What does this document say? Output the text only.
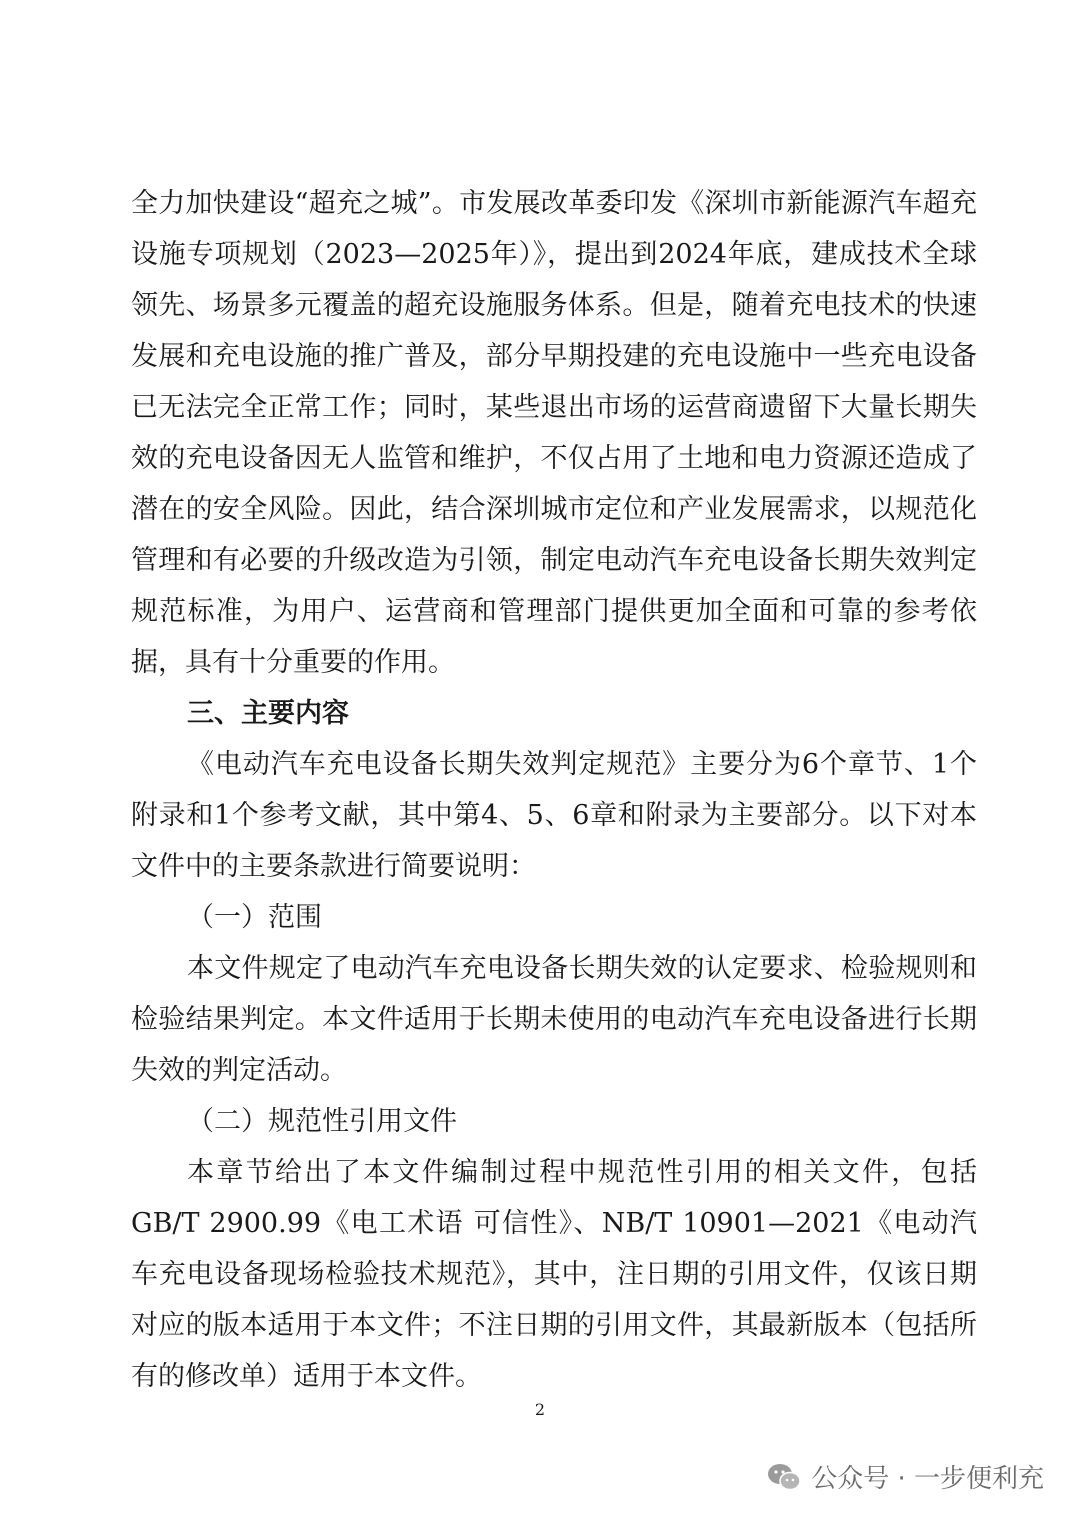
全力加快建设“超充之城”。市发展改革委印发《深圳市新能源汽车超充设施专项规划（2023—2025年）》，提出到2024年底，建成技术全球领先、场景多元覆盖的超充设施服务体系。但是，随着充电技术的快速发展和充电设施的推广普及，部分早期投建的充电设施中一些充电设备已无法完全正常工作；同时，某些退出市场的运营商遗留下大量长期失效的充电设备因无人监管和维护，不仅占用了土地和电力资源还造成了潜在的安全风险。因此，结合深圳城市定位和产业发展需求，以规范化管理和有必要的升级改造为引领，制定电动汽车充电设备长期失效判定规范标准，为用户、运营商和管理部门提供更加全面和可靠的参考依据，具有十分重要的作用。

三、主要内容

《电动汽车充电设备长期失效判定规范》主要分为6个章节、1个附录和1个参考文献，其中第4、5、6章和附录为主要部分。以下对本文件中的主要条款进行简要说明：

（一）范围

本文件规定了电动汽车充电设备长期失效的认定要求、检验规则和检验结果判定。本文件适用于长期未使用的电动汽车充电设备进行长期失效的判定活动。

（二）规范性引用文件

本章节给出了本文件编制过程中规范性引用的相关文件，包括GB/T 2900.99《电工术语 可信性》、NB/T 10901—2021《电动汽车充电设备现场检验技术规范》，其中，注日期的引用文件，仅该日期对应的版本适用于本文件；不注日期的引用文件，其最新版本（包括所有的修改单）适用于本文件。

2
公众号 · 一步便利充
